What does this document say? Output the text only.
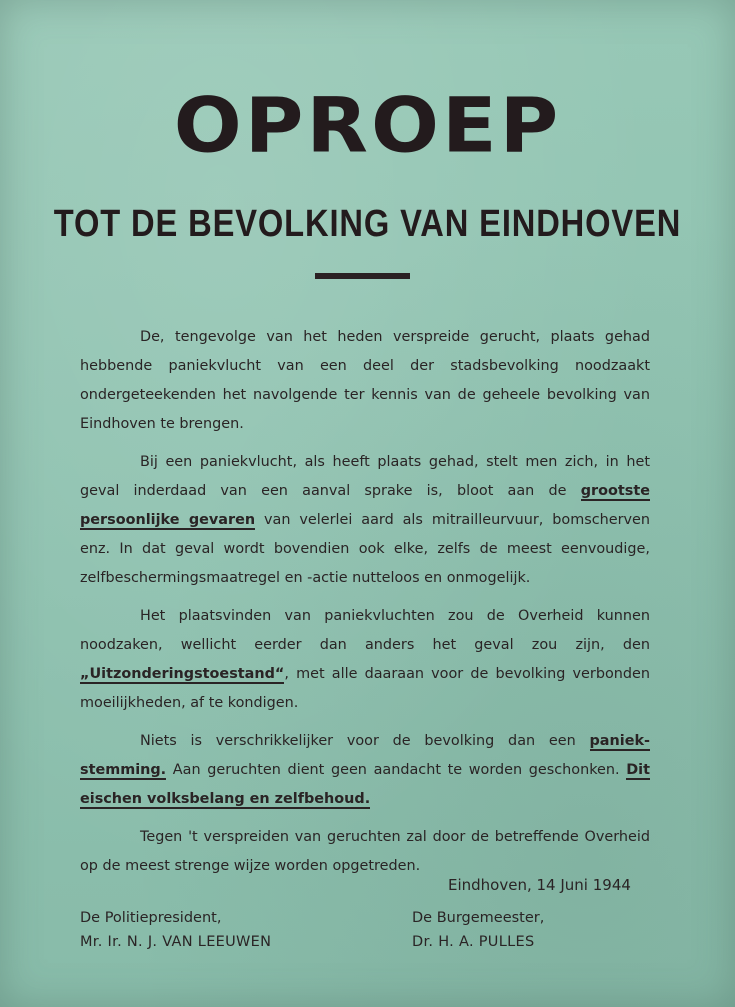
OPROEP
TOT DE BEVOLKING VAN EINDHOVEN

De, tengevolge van het heden verspreide gerucht, plaats gehad hebbende paniekvlucht van een deel der stadsbevolking noodzaakt ondergeteekenden het navolgende ter kennis van de geheele bevolking van Eindhoven te brengen.

Bij een paniekvlucht, als heeft plaats gehad, stelt men zich, in het geval inderdaad van een aanval sprake is, bloot aan de grootste persoonlijke gevaren van velerlei aard als mitrailleurvuur, bomscherven enz. In dat geval wordt bovendien ook elke, zelfs de meest eenvoudige, zelfbeschermingsmaatregel en -actie nutteloos en onmogelijk.

Het plaatsvinden van paniekvluchten zou de Overheid kunnen noodzaken, wellicht eerder dan anders het geval zou zijn, den „Uitzonderingstoestand“, met alle daaraan voor de bevolking verbonden moeilijkheden, af te kondigen.

Niets is verschrikkelijker voor de bevolking dan een paniek-stemming. Aan geruchten dient geen aandacht te worden geschonken. Dit eischen volksbelang en zelfbehoud.

Tegen 't verspreiden van geruchten zal door de betreffende Overheid op de meest strenge wijze worden opgetreden.

Eindhoven, 14 Juni 1944
De Politiepresident,
Mr. Ir. N. J. VAN LEEUWEN
De Burgemeester,
Dr. H. A. PULLES
